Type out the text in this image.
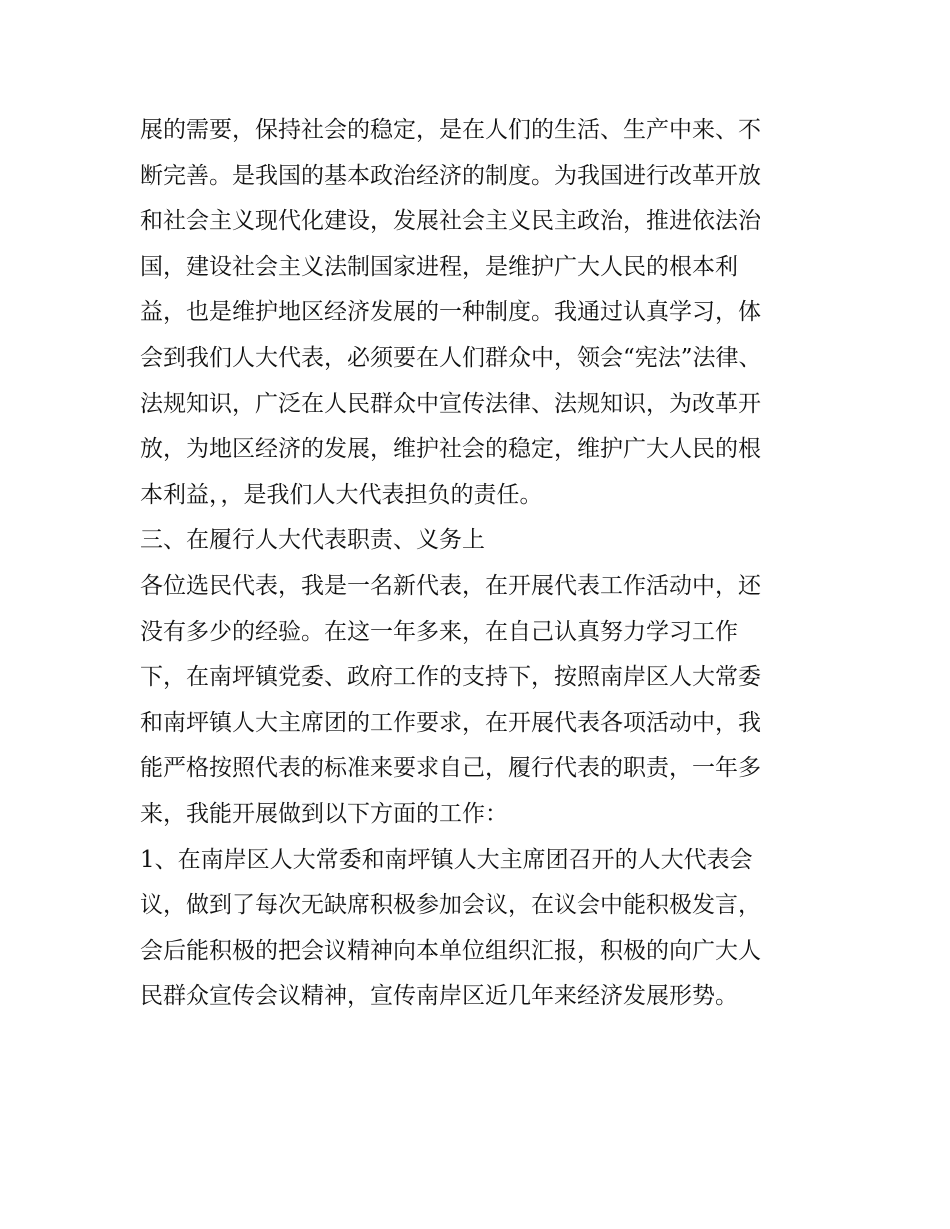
展的需要，保持社会的稳定，是在人们的生活、生产中来、不
断完善。是我国的基本政治经济的制度。为我国进行改革开放
和社会主义现代化建设，发展社会主义民主政治，推进依法治
国，建设社会主义法制国家进程，是维护广大人民的根本利
益，也是维护地区经济发展的一种制度。我通过认真学习，体
会到我们人大代表，必须要在人们群众中，领会“宪法”法律、
法规知识，广泛在人民群众中宣传法律、法规知识，为改革开
放，为地区经济的发展，维护社会的稳定，维护广大人民的根
本利益，，是我们人大代表担负的责任。
三、在履行人大代表职责、义务上
各位选民代表，我是一名新代表，在开展代表工作活动中，还
没有多少的经验。在这一年多来，在自己认真努力学习工作
下，在南坪镇党委、政府工作的支持下，按照南岸区人大常委
和南坪镇人大主席团的工作要求，在开展代表各项活动中，我
能严格按照代表的标准来要求自己，履行代表的职责，一年多
来，我能开展做到以下方面的工作：
1、在南岸区人大常委和南坪镇人大主席团召开的人大代表会
议，做到了每次无缺席积极参加会议，在议会中能积极发言，
会后能积极的把会议精神向本单位组织汇报，积极的向广大人
民群众宣传会议精神，宣传南岸区近几年来经济发展形势。
